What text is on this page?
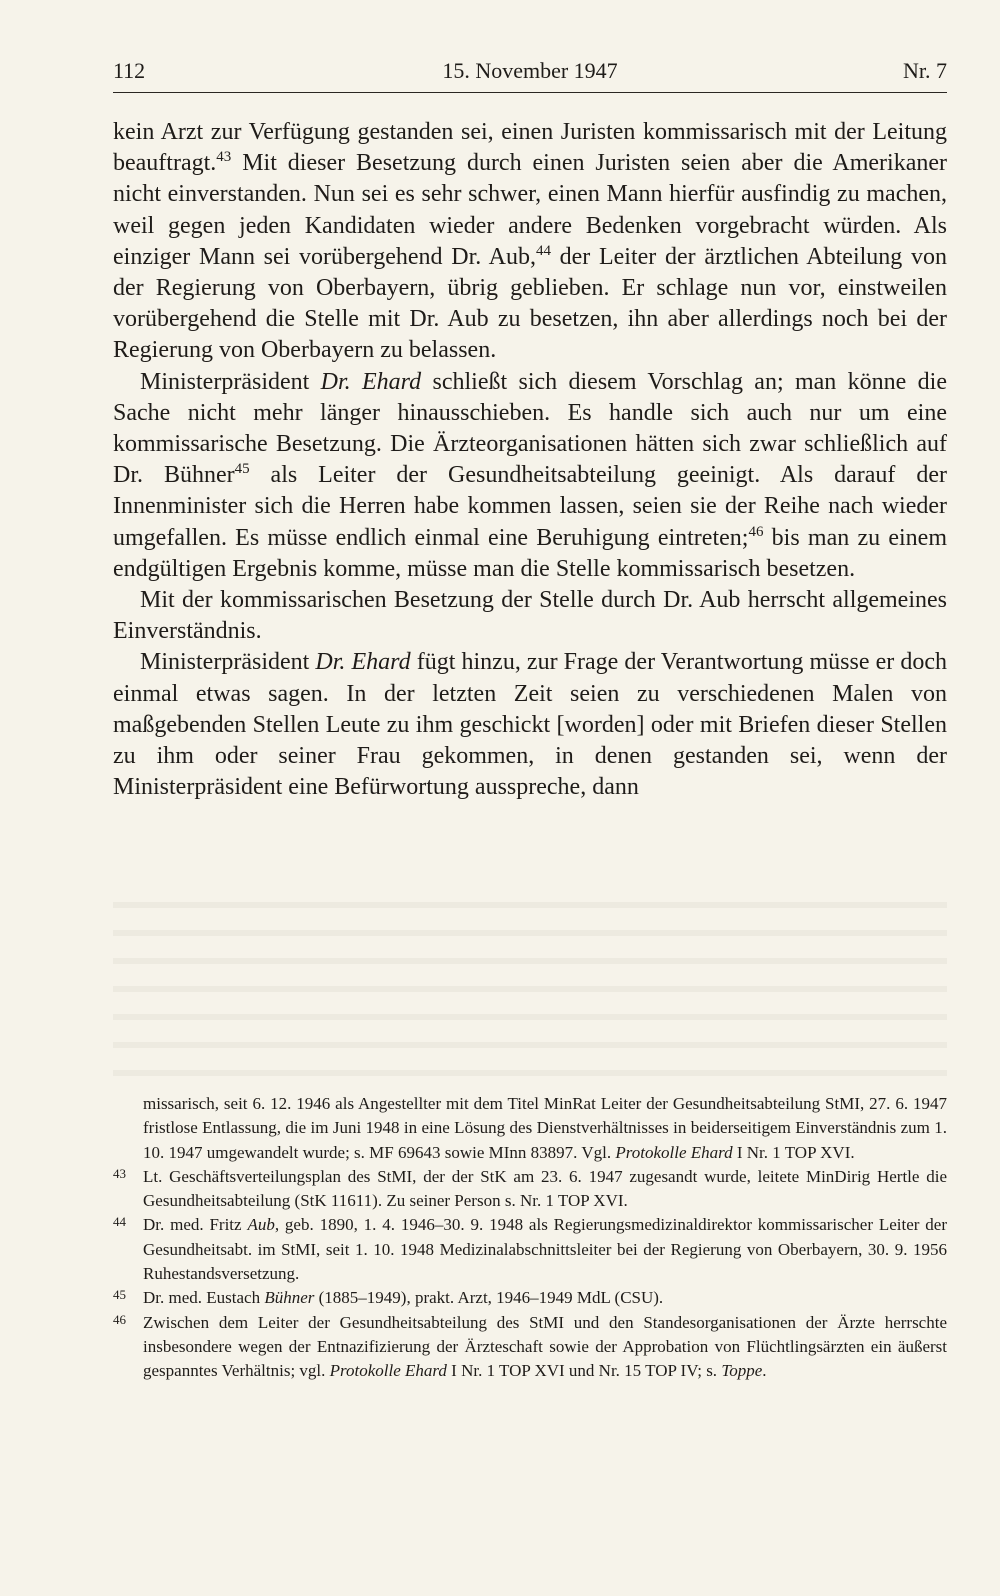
112	15. November 1947	Nr. 7

kein Arzt zur Verfügung gestanden sei, einen Juristen kommissarisch mit der Leitung beauftragt.$^{43}$ Mit dieser Besetzung durch einen Juristen seien aber die Amerikaner nicht einverstanden. Nun sei es sehr schwer, einen Mann hierfür ausfindig zu machen, weil gegen jeden Kandidaten wieder andere Bedenken vorgebracht würden. Als einziger Mann sei vorübergehend Dr. Aub,$^{44}$ der Leiter der ärztlichen Abteilung von der Regierung von Oberbayern, übrig geblieben. Er schlage nun vor, einstweilen vorübergehend die Stelle mit Dr. Aub zu besetzen, ihn aber allerdings noch bei der Regierung von Oberbayern zu belassen.

Ministerpräsident Dr. Ehard schließt sich diesem Vorschlag an; man könne die Sache nicht mehr länger hinausschieben. Es handle sich auch nur um eine kommissarische Besetzung. Die Ärzteorganisationen hätten sich zwar schließlich auf Dr. Bühner$^{45}$ als Leiter der Gesundheitsabteilung geeinigt. Als darauf der Innenminister sich die Herren habe kommen lassen, seien sie der Reihe nach wieder umgefallen. Es müsse endlich einmal eine Beruhigung eintreten;$^{46}$ bis man zu einem endgültigen Ergebnis komme, müsse man die Stelle kommissarisch besetzen.

Mit der kommissarischen Besetzung der Stelle durch Dr. Aub herrscht allgemeines Einverständnis.

Ministerpräsident Dr. Ehard fügt hinzu, zur Frage der Verantwortung müsse er doch einmal etwas sagen. In der letzten Zeit seien zu verschiedenen Malen von maßgebenden Stellen Leute zu ihm geschickt [worden] oder mit Briefen dieser Stellen zu ihm oder seiner Frau gekommen, in denen gestanden sei, wenn der Ministerpräsident eine Befürwortung ausspreche, dann

missarisch, seit 6. 12. 1946 als Angestellter mit dem Titel MinRat Leiter der Gesundheitsabteilung StMI, 27. 6. 1947 fristlose Entlassung, die im Juni 1948 in eine Lösung des Dienstverhältnisses in beiderseitigem Einverständnis zum 1. 10. 1947 umgewandelt wurde; s. MF 69643 sowie MInn 83897. Vgl. Protokolle Ehard I Nr. 1 TOP XVI.

43 Lt. Geschäftsverteilungsplan des StMI, der der StK am 23. 6. 1947 zugesandt wurde, leitete MinDirig Hertle die Gesundheitsabteilung (StK 11611). Zu seiner Person s. Nr. 1 TOP XVI.

44 Dr. med. Fritz Aub, geb. 1890, 1. 4. 1946–30. 9. 1948 als Regierungsmedizinaldirektor kommissarischer Leiter der Gesundheitsabt. im StMI, seit 1. 10. 1948 Medizinalabschnittsleiter bei der Regierung von Oberbayern, 30. 9. 1956 Ruhestandsversetzung.

45 Dr. med. Eustach Bühner (1885–1949), prakt. Arzt, 1946–1949 MdL (CSU).

46 Zwischen dem Leiter der Gesundheitsabteilung des StMI und den Standesorganisationen der Ärzte herrschte insbesondere wegen der Entnazifizierung der Ärzteschaft sowie der Approbation von Flüchtlingsärzten ein äußerst gespanntes Verhältnis; vgl. Protokolle Ehard I Nr. 1 TOP XVI und Nr. 15 TOP IV; s. Toppe.
